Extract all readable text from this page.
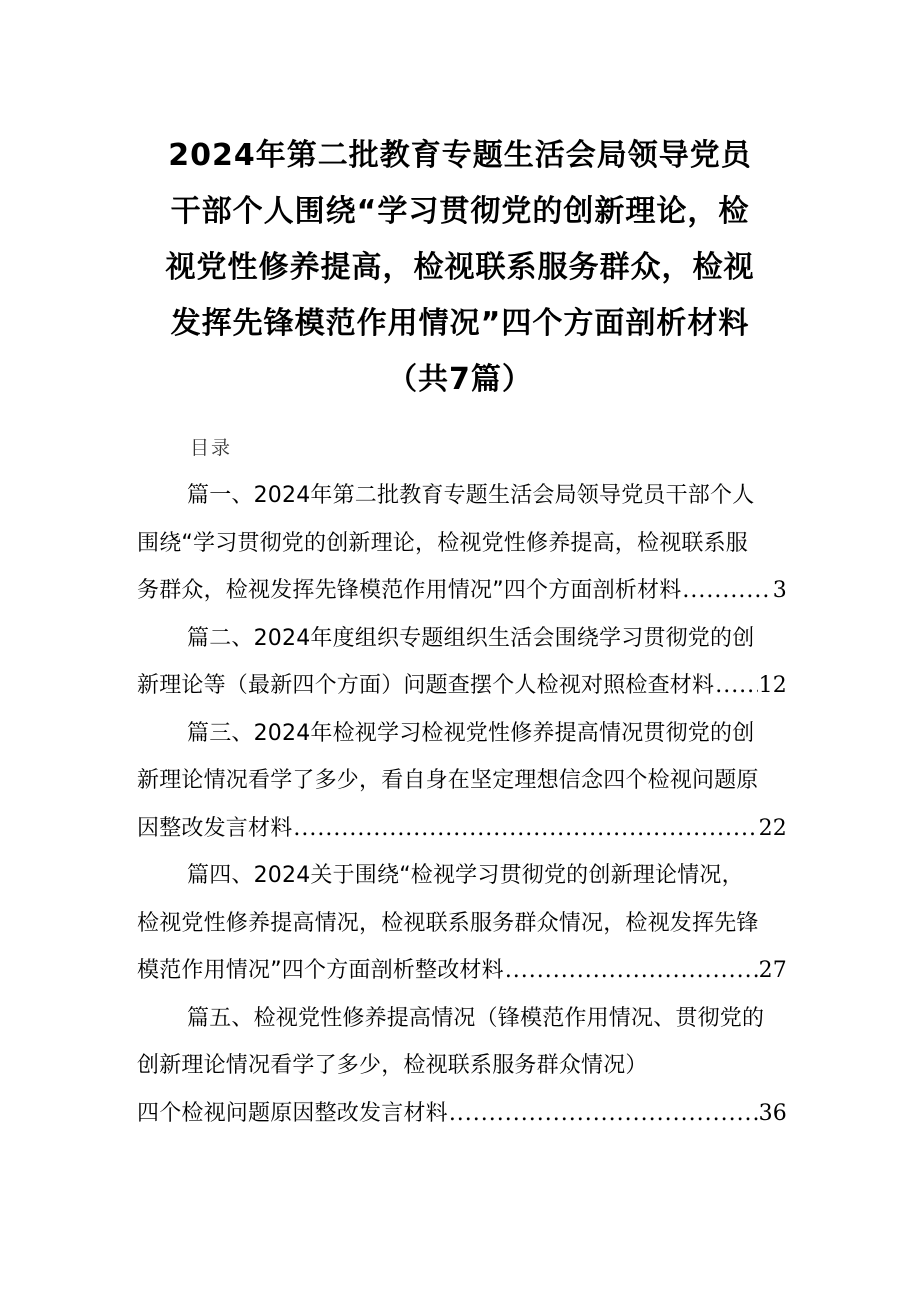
2024年第二批教育专题生活会局领导党员
干部个人围绕“学习贯彻党的创新理论，检
视党性修养提高，检视联系服务群众，检视
发挥先锋模范作用情况”四个方面剖析材料
（共7篇）
目录
篇一、2024年第二批教育专题生活会局领导党员干部个人
围绕“学习贯彻党的创新理论，检视党性修养提高，检视联系服
务群众，检视发挥先锋模范作用情况”四个方面剖析材料 .....	3
篇二、2024年度组织专题组织生活会围绕学习贯彻党的创
新理论等（最新四个方面）问题查摆个人检视对照检查材料 ..... 12
篇三、2024年检视学习检视党性修养提高情况贯彻党的创
新理论情况看学了多少，看自身在坚定理想信念四个检视问题原
因整改发言材料 .....	22
篇四、2024关于围绕“检视学习贯彻党的创新理论情况，
检视党性修养提高情况，检视联系服务群众情况，检视发挥先锋
模范作用情况”四个方面剖析整改材料 .....	27
篇五、检视党性修养提高情况（锋模范作用情况、贯彻党的
创新理论情况看学了多少，检视联系服务群众情况）
四个检视问题原因整改发言材料 .....	36
